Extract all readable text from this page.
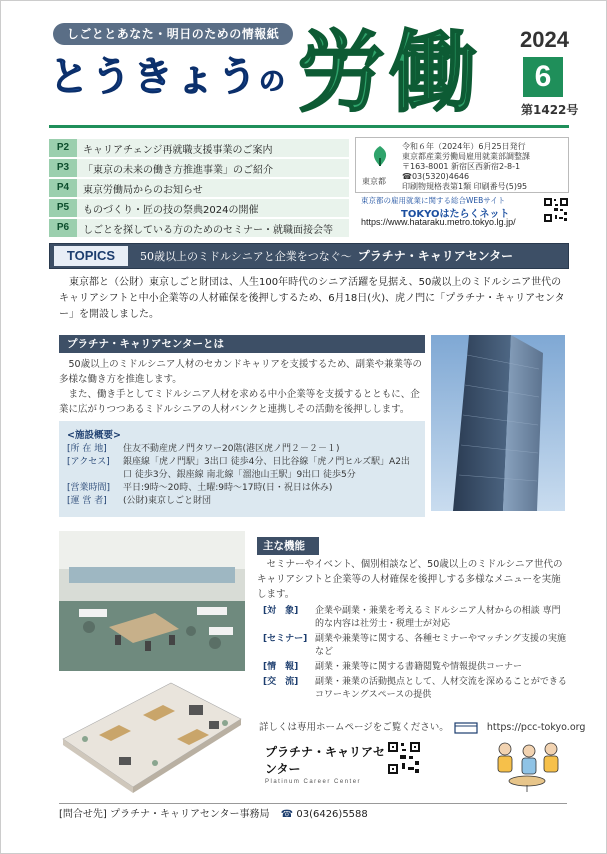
しごととあなた・明日のための情報紙
とうきょうの 労働 2024
6
第1422号
P2	キャリアチェンジ再就職支援事業のご案内
P3	「東京の未来の働き方推進事業」のご紹介
P4	東京労働局からのお知らせ
P5	ものづくり・匠の技の祭典2024の開催
P6	しごとを探している方のためのセミナー・就職面接会等
東京都
令和６年（2024年）6月25日発行
東京都産業労働局雇用就業部調整課
〒163-8001 新宿区西新宿2-8-1
☎03(5320)4646
印刷物規格表第1類 印刷番号(5)95
東京都の雇用就業に関する総合WEBサイト
TOKYOはたらくネット
https://www.hataraku.metro.tokyo.lg.jp/
TOPICS	50歳以上のミドルシニアと企業をつなぐ〜 プラチナ・キャリアセンター
東京都と（公財）東京しごと財団は、人生100年時代のシニア活躍を見据え、50歳以上のミドルシニア世代のキャリアシフトと中小企業等の人材確保を後押しするため、6月18日(火)、虎ノ門に「プラチナ・キャリアセンター」を開設しました。
プラチナ・キャリアセンターとは

50歳以上のミドルシニア人材のセカンドキャリアを支援するため、副業や兼業等の多様な働き方を推進します。

また、働き手としてミドルシニア人材を求める中小企業等を支援するとともに、企業に広がりつつあるミドルシニアの人材バンクと連携しその活動を後押しします。

<施設概要>
[所 在 地]	住友不動産虎ノ門タワー20階(港区虎ノ門２－２－１)
[アクセス]	銀座線「虎ノ門駅」3出口 徒歩4分、日比谷線「虎ノ門ヒルズ駅」A2出口 徒歩3分、銀座線 南北線「溜池山王駅」9出口 徒歩5分
[営業時間]	平日:9時〜20時、土曜:9時〜17時(日・祝日は休み)
[運 営 者]	(公財)東京しごと財団
主な機能
セミナーやイベント、個別相談など、50歳以上のミドルシニア世代のキャリアシフトと企業等の人材確保を後押しする多様なメニューを実施します。
[対　象]	企業や副業・兼業を考えるミドルシニア人材からの相談 専門的な内容は社労士・税理士が対応
[セミナー] 副業や兼業等に関する、各種セミナーやマッチング支援の実施など
[情　報]	副業・兼業等に関する書籍閲覧や情報提供コーナー
[交　流]	副業・兼業の活動拠点として、人材交流を深めることができるコワーキングスペースの提供
詳しくは専用ホームページをご覧ください。	https://pcc-tokyo.org
プラチナ・キャリアセンター
Platinum Career Center
[問合せ先] プラチナ・キャリアセンター事務局 ☎ 03(6426)5588
